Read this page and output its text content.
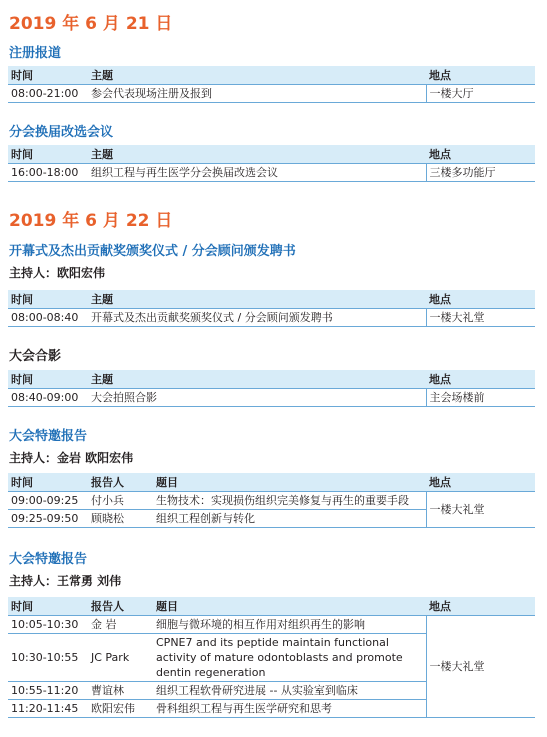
2019 年 6 月 21 日
注册报道
时间	主题	地点
08:00-21:00	参会代表现场注册及报到	一楼大厅
分会换届改选会议
时间	主题	地点
16:00-18:00	组织工程与再生医学分会换届改选会议	三楼多功能厅
2019 年 6 月 22 日
开幕式及杰出贡献奖颁奖仪式 / 分会顾问颁发聘书
主持人：欧阳宏伟
时间	主题	地点
08:00-08:40	开幕式及杰出贡献奖颁奖仪式 / 分会顾问颁发聘书	一楼大礼堂
大会合影
时间	主题	地点
08:40-09:00	大会拍照合影	主会场楼前
大会特邀报告
主持人：金岩 欧阳宏伟
时间	报告人	题目	地点
09:00-09:25	付小兵	生物技术：实现损伤组织完美修复与再生的重要手段	一楼大礼堂
09:25-09:50	顾晓松	组织工程创新与转化	
大会特邀报告
主持人：王常勇 刘伟
时间	报告人	题目	地点
10:05-10:30	金 岩	细胞与微环境的相互作用对组织再生的影响	一楼大礼堂
10:30-10:55	JC Park	CPNE7 and its peptide maintain functional activity of mature odontoblasts and promote dentin regeneration	
10:55-11:20	曹谊林	组织工程软骨研究进展 -- 从实验室到临床	
11:20-11:45	欧阳宏伟	骨科组织工程与再生医学研究和思考	
